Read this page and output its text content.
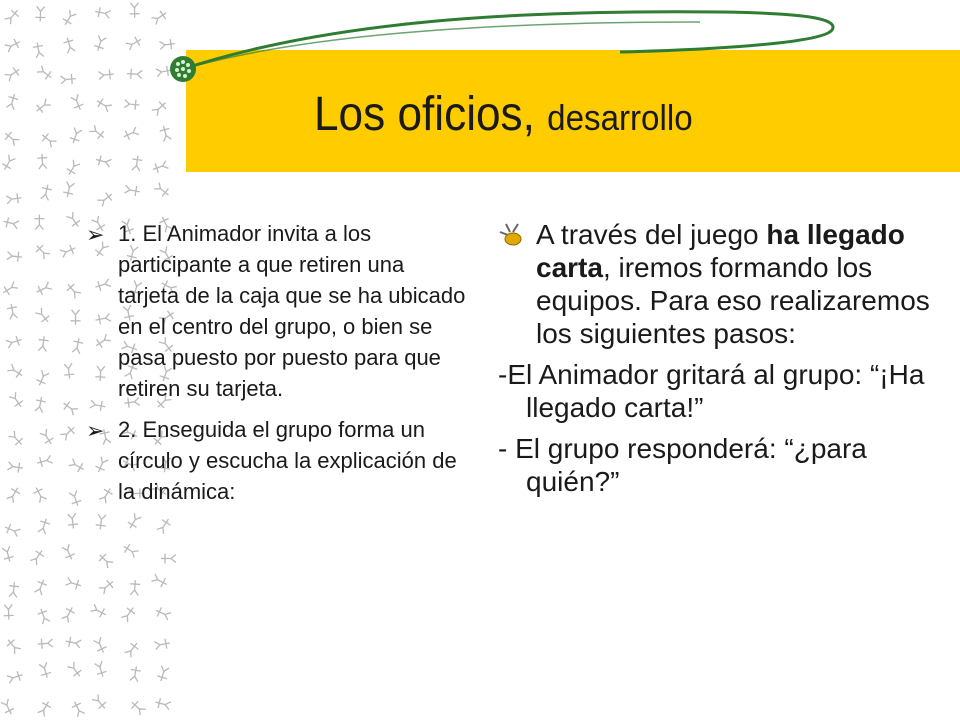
Los oficios, desarrollo
➢ 1. El Animador invita a los participante a que retiren una tarjeta de la caja que se ha ubicado en el centro del grupo, o bien se pasa puesto por puesto para que retiren su tarjeta.
➢ 2. Enseguida el grupo forma un círculo y escucha la explicación de la dinámica:
A través del juego ha llegado carta, iremos formando los equipos. Para eso realizaremos los siguientes pasos:
-El Animador gritará al grupo: “¡Ha llegado carta!”
- El grupo responderá: “¿para quién?”
